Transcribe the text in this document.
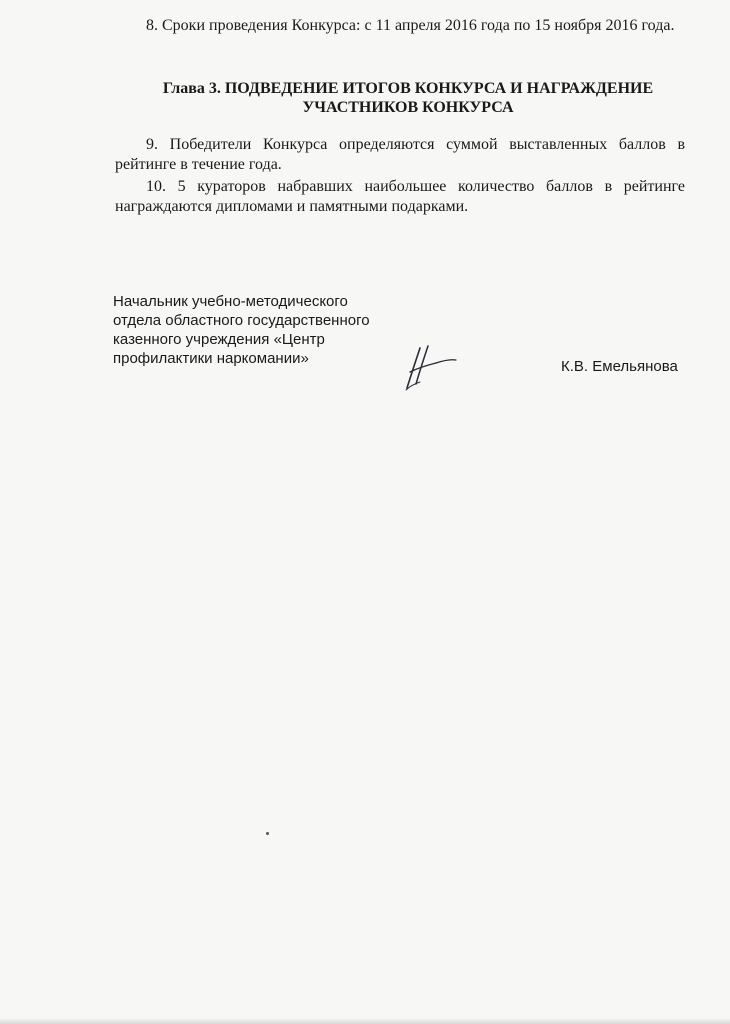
8. Сроки проведения Конкурса: с 11 апреля 2016 года по 15 ноября 2016 года.

Глава 3. ПОДВЕДЕНИЕ ИТОГОВ КОНКУРСА И НАГРАЖДЕНИЕ УЧАСТНИКОВ КОНКУРСА

9. Победители Конкурса определяются суммой выставленных баллов в рейтинге в течение года.

10. 5 кураторов набравших наибольшее количество баллов в рейтинге награждаются дипломами и памятными подарками.

Начальник учебно-методического
отдела областного государственного
казенного учреждения «Центр
профилактики наркомании»	К.В. Емельянова
